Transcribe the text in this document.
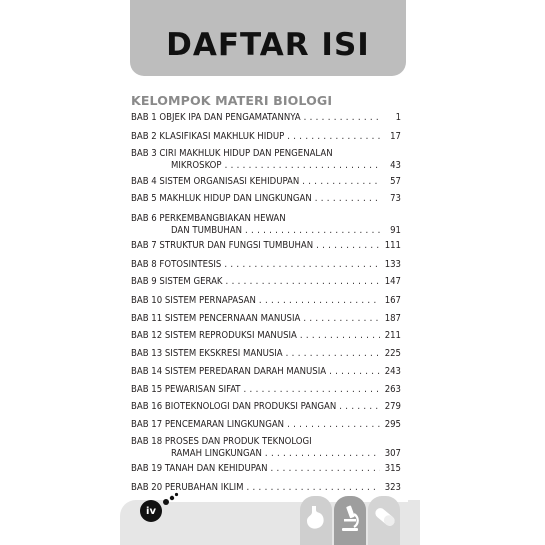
DAFTAR ISI
KELOMPOK MATERI BIOLOGI
BAB 1 OBJEK IPA DAN PENGAMATANNYA . . .	1
BAB 2 KLASIFIKASI MAKHLUK HIDUP . . .	17
BAB 3 CIRI MAKHLUK HIDUP DAN PENGENALAN
MIKROSKOP . . .	43
BAB 4 SISTEM ORGANISASI KEHIDUPAN . . .	57
BAB 5 MAKHLUK HIDUP DAN LINGKUNGAN . . .	73
BAB 6 PERKEMBANGBIAKAN HEWAN
DAN TUMBUHAN . . .	91
BAB 7 STRUKTUR DAN FUNGSI TUMBUHAN . . .	111
BAB 8 FOTOSINTESIS . . .	133
BAB 9 SISTEM GERAK . . .	147
BAB 10 SISTEM PERNAPASAN . . .	167
BAB 11 SISTEM PENCERNAAN MANUSIA . . .	187
BAB 12 SISTEM REPRODUKSI MANUSIA . . .	211
BAB 13 SISTEM EKSKRESI MANUSIA . . .	225
BAB 14 SISTEM PEREDARAN DARAH MANUSIA . . .	243
BAB 15 PEWARISAN SIFAT . . .	263
BAB 16 BIOTEKNOLOGI DAN PRODUKSI PANGAN . . .	279
BAB 17 PENCEMARAN LINGKUNGAN . . .	295
BAB 18 PROSES DAN PRODUK TEKNOLOGI
RAMAH LINGKUNGAN . . .	307
BAB 19 TANAH DAN KEHIDUPAN . . .	315
BAB 20 PERUBAHAN IKLIM . . .	323
iv
